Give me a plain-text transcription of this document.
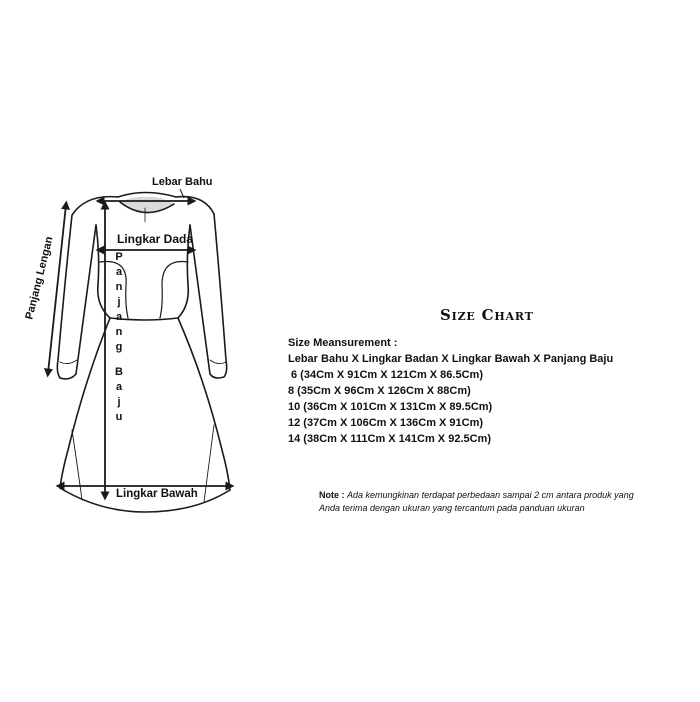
Lebar Bahu
Lingkar Dada
Lingkar Bawah
Panjang Lengan	P
a
n
j
a
n
g
B
a
j
u
Size Chart
Size Meansurement :
Lebar Bahu X Lingkar Badan X Lingkar Bawah X Panjang Baju
6 (34Cm X 91Cm X 121Cm X 86.5Cm)
8 (35Cm X 96Cm X 126Cm X 88Cm)
10 (36Cm X 101Cm X 131Cm X 89.5Cm)
12 (37Cm X 106Cm X 136Cm X 91Cm)
14 (38Cm X 111Cm X 141Cm X 92.5Cm)
Note : Ada kemungkinan terdapat perbedaan sampai 2 cm antara produk yang
Anda terima dengan ukuran yang tercantum pada panduan ukuran
